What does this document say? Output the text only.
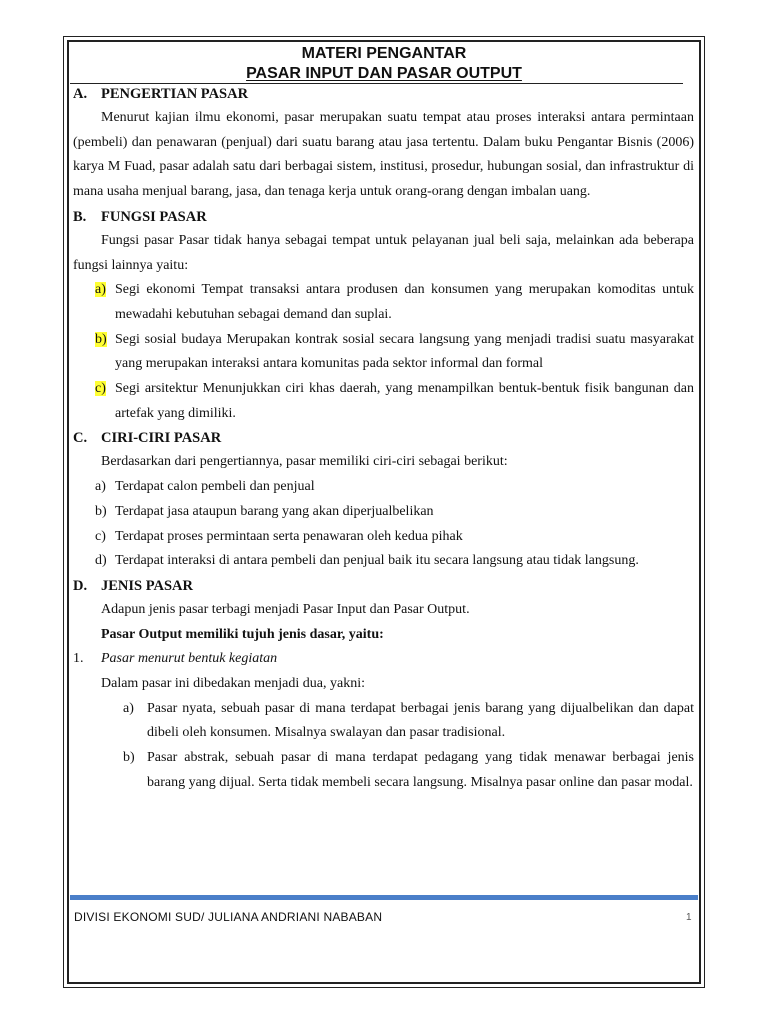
MATERI PENGANTAR
PASAR INPUT DAN PASAR OUTPUT
A. PENGERTIAN PASAR

Menurut kajian ilmu ekonomi, pasar merupakan suatu tempat atau proses interaksi antara permintaan (pembeli) dan penawaran (penjual) dari suatu barang atau jasa tertentu. Dalam buku Pengantar Bisnis (2006) karya M Fuad, pasar adalah satu dari berbagai sistem, institusi, prosedur, hubungan sosial, dan infrastruktur di mana usaha menjual barang, jasa, dan tenaga kerja untuk orang-orang dengan imbalan uang.

B.	FUNGSI PASAR

Fungsi pasar Pasar tidak hanya sebagai tempat untuk pelayanan jual beli saja, melainkan ada beberapa fungsi lainnya yaitu:

a) Segi ekonomi Tempat transaksi antara produsen dan konsumen yang merupakan komoditas untuk mewadahi kebutuhan sebagai demand dan suplai.
b) Segi sosial budaya Merupakan kontrak sosial secara langsung yang menjadi tradisi suatu masyarakat yang merupakan interaksi antara komunitas pada sektor informal dan formal
c) Segi arsitektur Menunjukkan ciri khas daerah, yang menampilkan bentuk-bentuk fisik bangunan dan artefak yang dimiliki.
C. CIRI-CIRI PASAR

Berdasarkan dari pengertiannya, pasar memiliki ciri-ciri sebagai berikut:

a) Terdapat calon pembeli dan penjual
b) Terdapat jasa ataupun barang yang akan diperjualbelikan
c) Terdapat proses permintaan serta penawaran oleh kedua pihak
d) Terdapat interaksi di antara pembeli dan penjual baik itu secara langsung atau tidak langsung.
D. JENIS PASAR

Adapun jenis pasar terbagi menjadi Pasar Input dan Pasar Output.

Pasar Output memiliki tujuh jenis dasar, yaitu:
1.	Pasar menurut bentuk kegiatan

Dalam pasar ini dibedakan menjadi dua, yakni:

a) Pasar nyata, sebuah pasar di mana terdapat berbagai jenis barang yang dijualbelikan dan dapat dibeli oleh konsumen. Misalnya swalayan dan pasar tradisional.
b) Pasar abstrak, sebuah pasar di mana terdapat pedagang yang tidak menawar berbagai jenis barang yang dijual. Serta tidak membeli secara langsung. Misalnya pasar online dan pasar modal.
DIVISI EKONOMI SUD/ JULIANA ANDRIANI NABABAN	1
